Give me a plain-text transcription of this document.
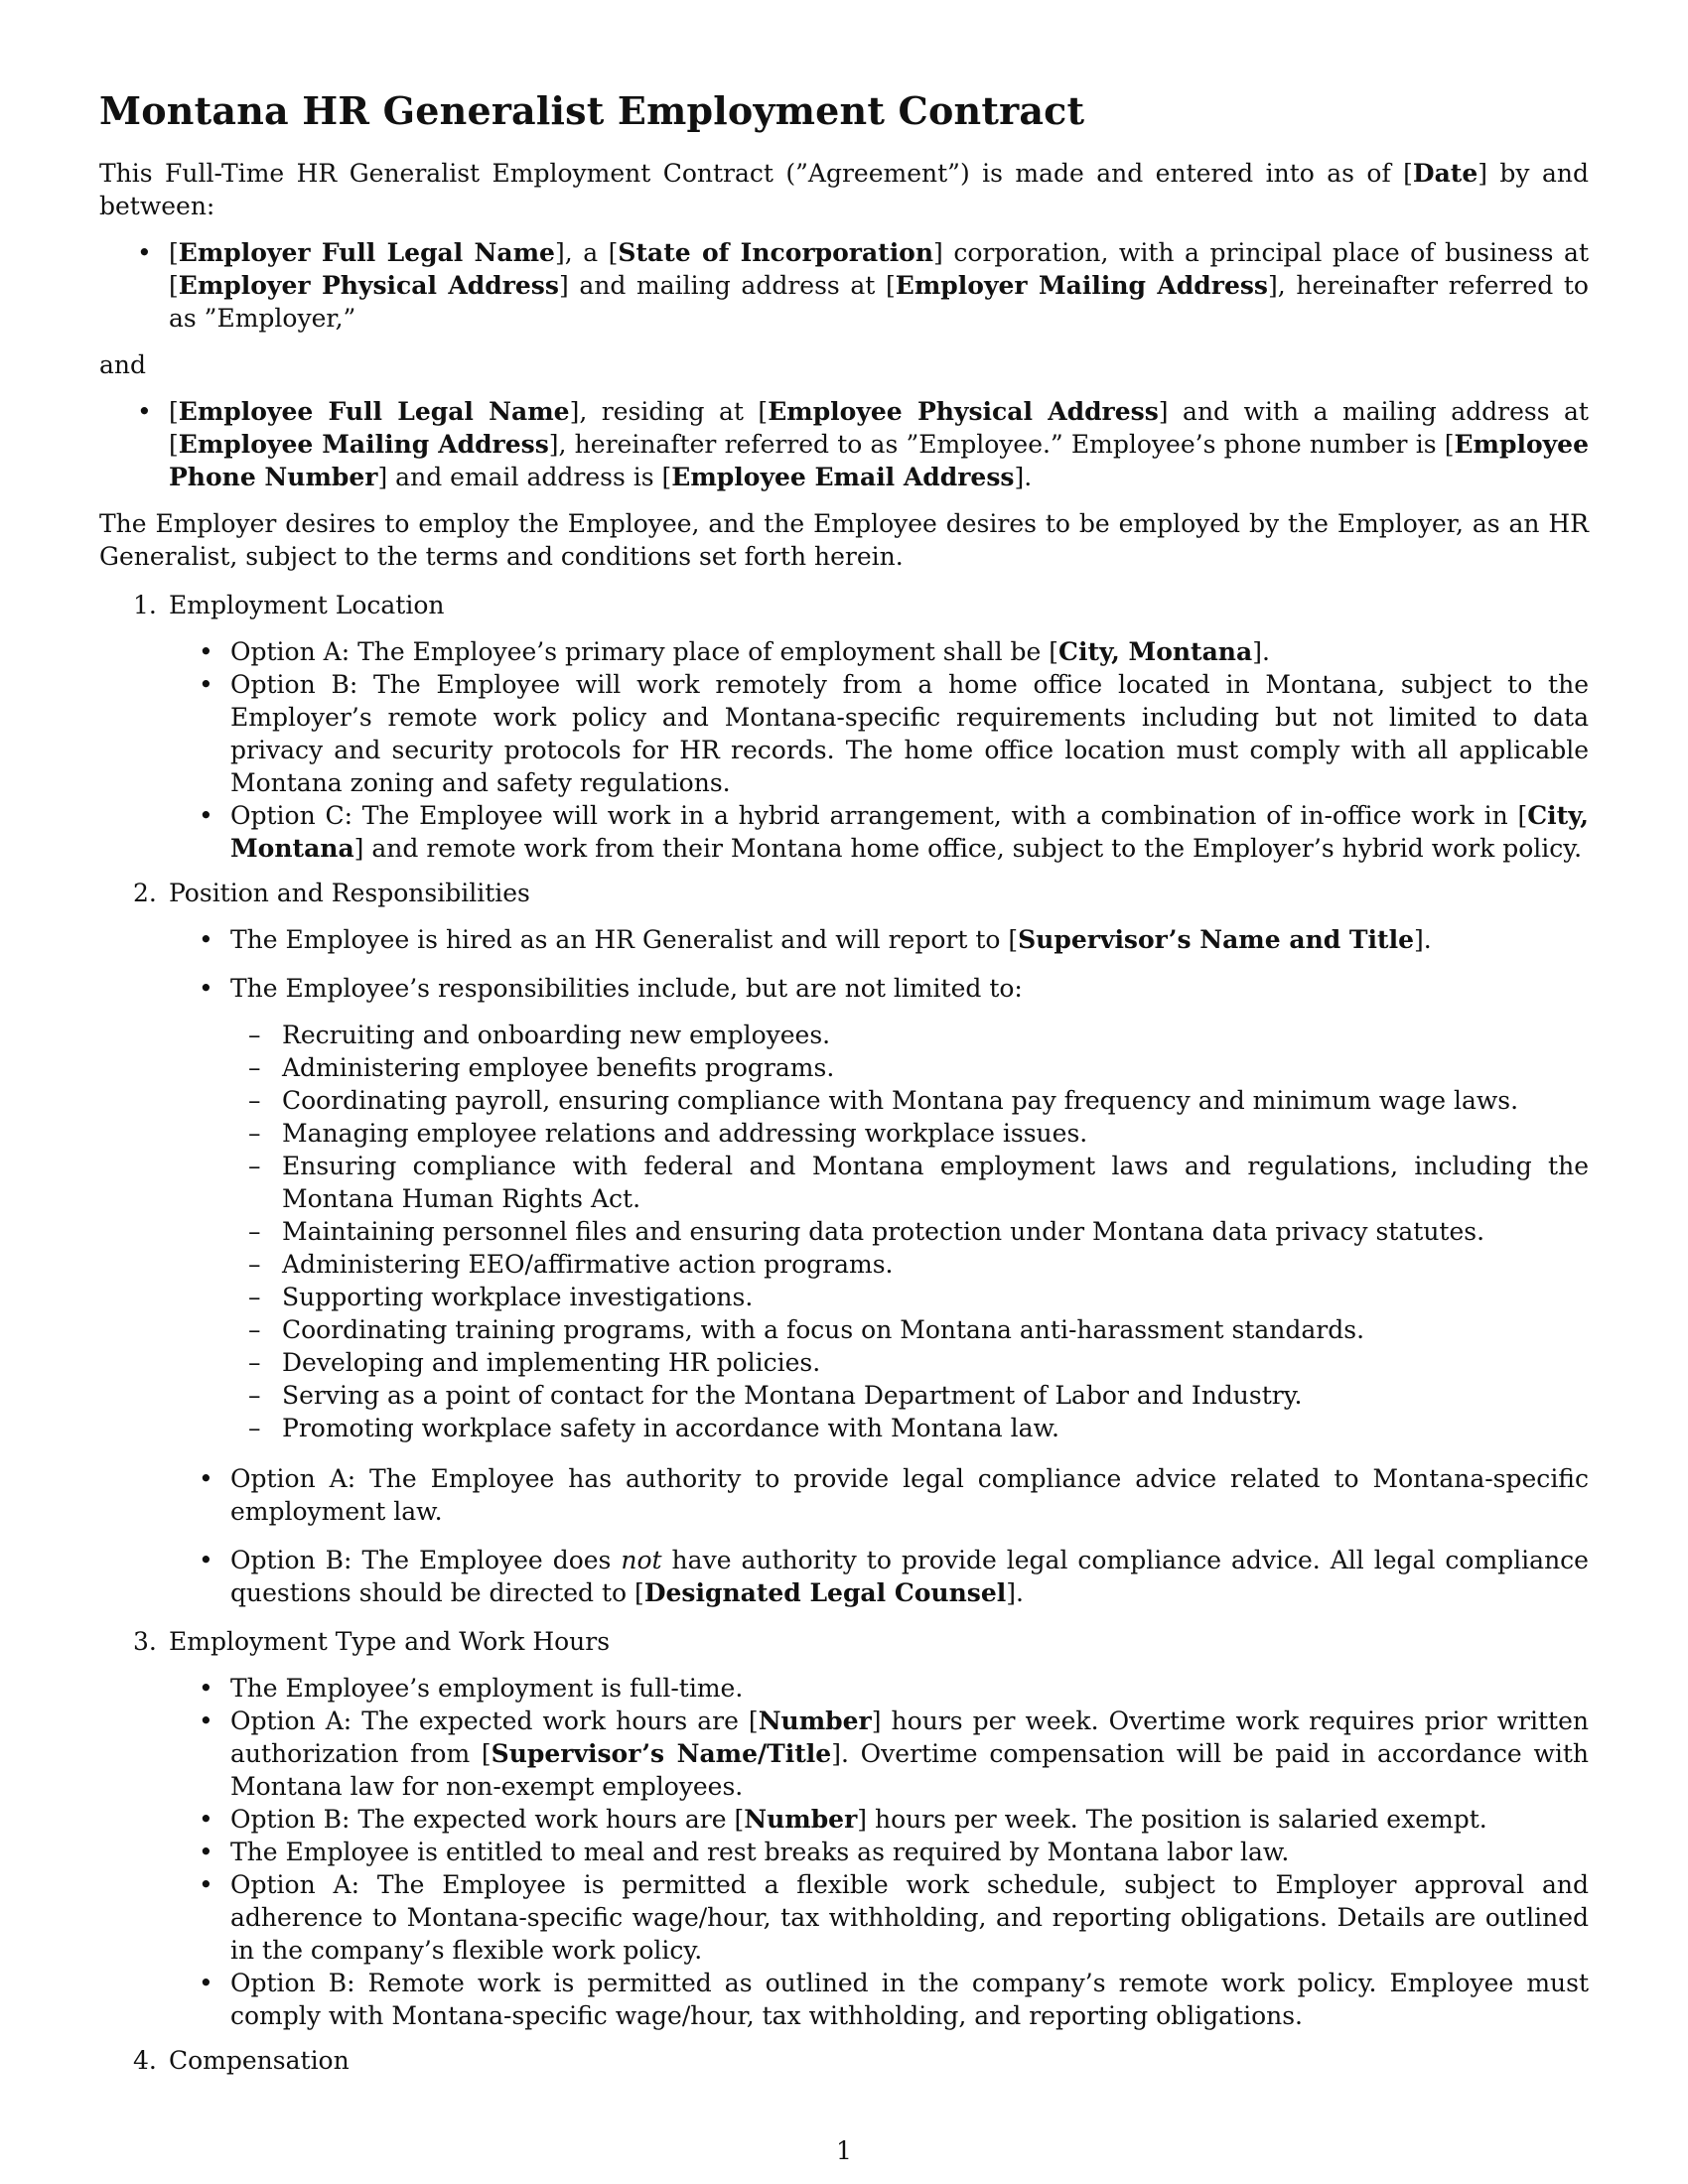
Montana HR Generalist Employment Contract

This Full-Time HR Generalist Employment Contract (”Agreement”) is made and entered into as of [Date] by and between:

• [Employer Full Legal Name], a [State of Incorporation] corporation, with a principal place of business at [Employer Physical Address] and mailing address at [Employer Mailing Address], hereinafter referred to as ”Employer,”

and

• [Employee Full Legal Name], residing at [Employee Physical Address] and with a mailing address at [Employee Mailing Address], hereinafter referred to as ”Employee.” Employee’s phone number is [Employee Phone Number] and email address is [Employee Email Address].

The Employer desires to employ the Employee, and the Employee desires to be employed by the Employer, as an HR Generalist, subject to the terms and conditions set forth herein.

1. Employment Location
• Option A: The Employee’s primary place of employment shall be [City, Montana].
• Option B: The Employee will work remotely from a home office located in Montana, subject to the Employer’s remote work policy and Montana-specific requirements including but not limited to data privacy and security protocols for HR records. The home office location must comply with all applicable Montana zoning and safety regulations.
• Option C: The Employee will work in a hybrid arrangement, with a combination of in-office work in [City, Montana] and remote work from their Montana home office, subject to the Employer’s hybrid work policy.
2. Position and Responsibilities
• The Employee is hired as an HR Generalist and will report to [Supervisor’s Name and Title].
• The Employee’s responsibilities include, but are not limited to:
– Recruiting and onboarding new employees.
– Administering employee benefits programs.
– Coordinating payroll, ensuring compliance with Montana pay frequency and minimum wage laws.
– Managing employee relations and addressing workplace issues.
– Ensuring compliance with federal and Montana employment laws and regulations, including the Montana Human Rights Act.
– Maintaining personnel files and ensuring data protection under Montana data privacy statutes.
– Administering EEO/affirmative action programs.
– Supporting workplace investigations.
– Coordinating training programs, with a focus on Montana anti-harassment standards.
– Developing and implementing HR policies.
– Serving as a point of contact for the Montana Department of Labor and Industry.
– Promoting workplace safety in accordance with Montana law.
• Option A: The Employee has authority to provide legal compliance advice related to Montana-specific employment law.
• Option B: The Employee does not have authority to provide legal compliance advice. All legal compliance questions should be directed to [Designated Legal Counsel].
3. Employment Type and Work Hours
• The Employee’s employment is full-time.
• Option A: The expected work hours are [Number] hours per week. Overtime work requires prior written authorization from [Supervisor’s Name/Title]. Overtime compensation will be paid in accordance with Montana law for non-exempt employees.
• Option B: The expected work hours are [Number] hours per week. The position is salaried exempt.
• The Employee is entitled to meal and rest breaks as required by Montana labor law.
• Option A: The Employee is permitted a flexible work schedule, subject to Employer approval and adherence to Montana-specific wage/hour, tax withholding, and reporting obligations. Details are outlined in the company’s flexible work policy.
• Option B: Remote work is permitted as outlined in the company’s remote work policy. Employee must comply with Montana-specific wage/hour, tax withholding, and reporting obligations.
4. Compensation
1
